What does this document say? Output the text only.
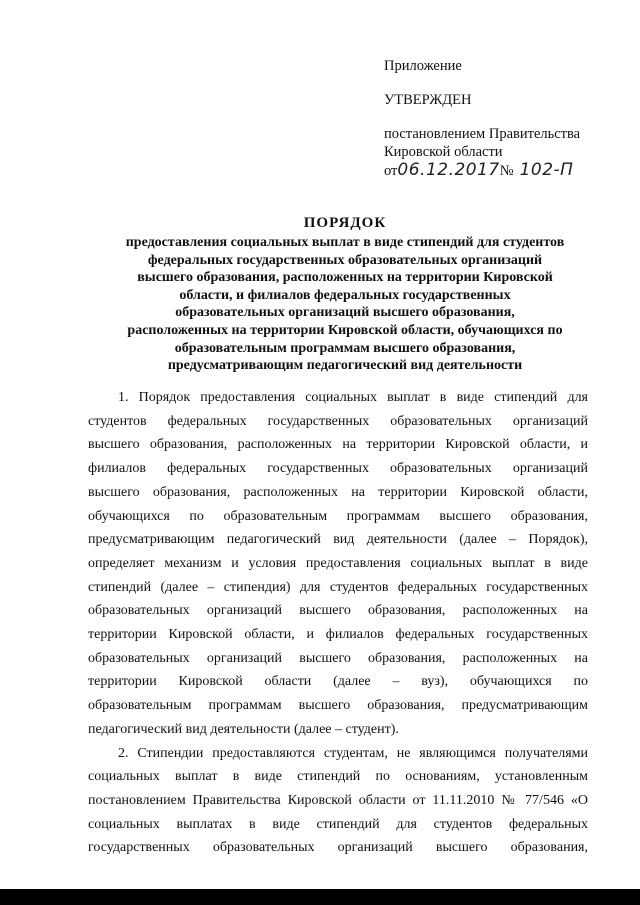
Приложение
УТВЕРЖДЕН
постановлением Правительства
Кировской области
от 06.12.2017 № 102-П
ПОРЯДОК
предоставления социальных выплат в виде стипендий для студентов
федеральных государственных образовательных организаций
высшего образования, расположенных на территории Кировской
области, и филиалов федеральных государственных
образовательных организаций высшего образования,
расположенных на территории Кировской области, обучающихся по
образовательным программам высшего образования,
предусматривающим педагогический вид деятельности
1. Порядок предоставления социальных выплат в виде стипендий для
студентов федеральных государственных образовательных организаций
высшего образования, расположенных на территории Кировской области, и
филиалов федеральных государственных образовательных организаций
высшего образования, расположенных на территории Кировской области,
обучающихся по образовательным программам высшего образования,
предусматривающим педагогический вид деятельности (далее – Порядок),
определяет механизм и условия предоставления социальных выплат в виде
стипендий (далее – стипендия) для студентов федеральных государственных
образовательных организаций высшего образования, расположенных на
территории Кировской области, и филиалов федеральных государственных
образовательных организаций высшего образования, расположенных на
территории Кировской области (далее – вуз), обучающихся по
образовательным программам высшего образования, предусматривающим
педагогический вид деятельности (далее – студент).
2. Стипендии предоставляются студентам, не являющимся получателями
социальных выплат в виде стипендий по основаниям, установленным
постановлением Правительства Кировской области от 11.11.2010 № 77/546 «О
социальных выплатах в виде стипендий для студентов федеральных
государственных образовательных организаций высшего образования,
